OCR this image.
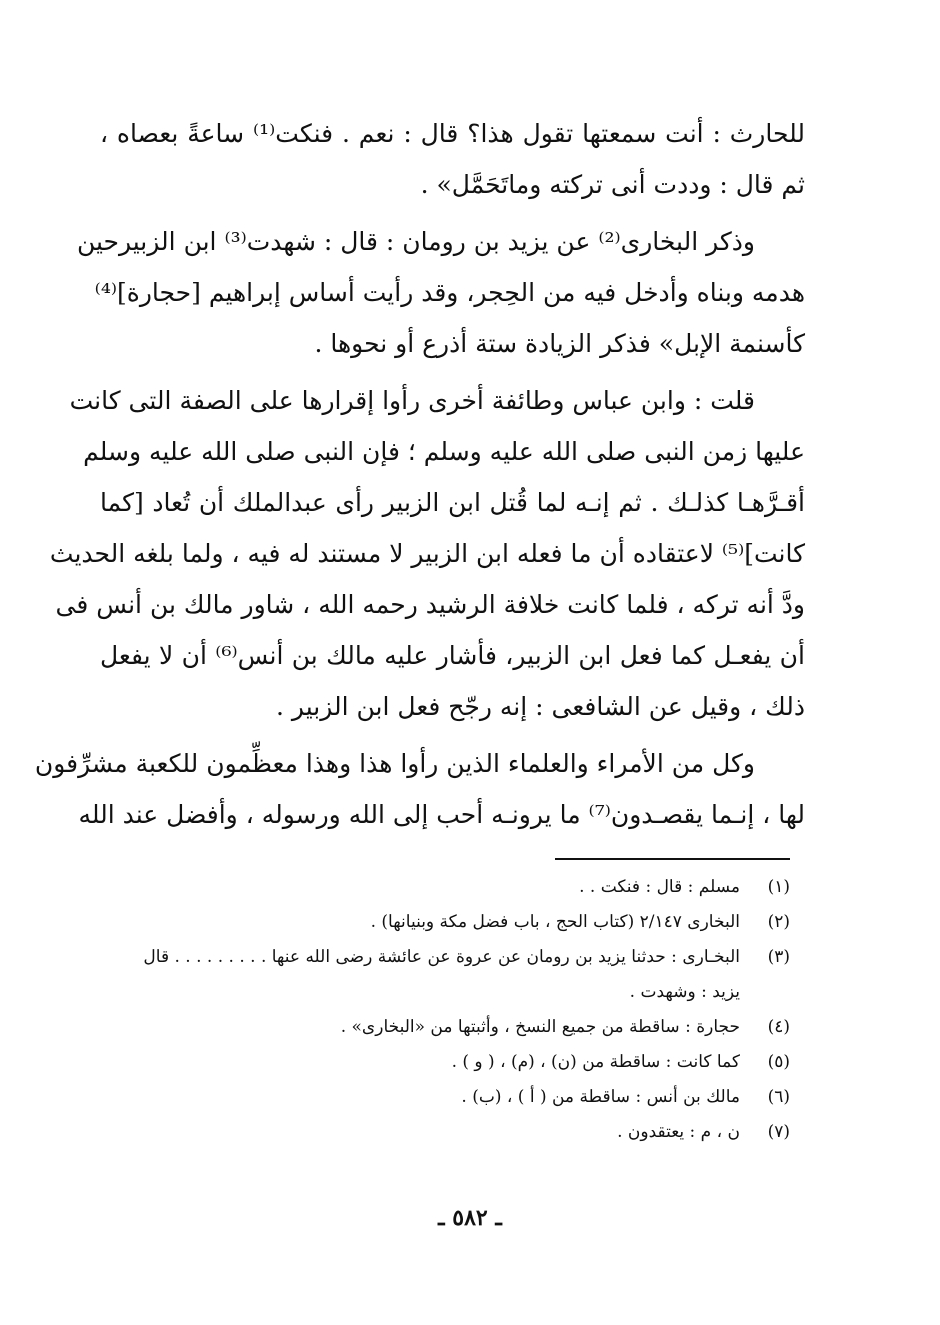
للحارث : أنت سمعتها تقول هذا؟ قال : نعم . فنكت⁽¹⁾ ساعةً بعصاه ،
ثم قال : وددت أنى تركته وماتَحَمَّل» .
وذكر البخارى⁽²⁾ عن يزيد بن رومان : قال : شهدت⁽³⁾ ابن الزبيرحين
هدمه وبناه وأدخل فيه من الحِجر، وقد رأيت أساس إبراهيم [حجارة]⁽⁴⁾
كأسنمة الإبل» فذكر الزيادة ستة أذرع أو نحوها .
قلت : وابن عباس وطائفة أخرى رأوا إقرارها على الصفة التى كانت
عليها زمن النبى صلى الله عليه وسلم ؛ فإن النبى صلى الله عليه وسلم
أقـرَّهـا كذلـك . ثم إنـه لما قُتل ابن الزبير رأى عبدالملك أن تُعاد [كما
كانت]⁽⁵⁾ لاعتقاده أن ما فعله ابن الزبير لا مستند له فيه ، ولما بلغه الحديث
ودَّ أنه تركه ، فلما كانت خلافة الرشيد رحمه الله ، شاور مالك بن أنس فى
أن يفعـل كما فعل ابن الزبير، فأشار عليه مالك بن أنس⁽⁶⁾ أن لا يفعل
ذلك ، وقيل عن الشافعى : إنه رجّح فعل ابن الزبير .
وكل من الأمراء والعلماء الذين رأوا هذا وهذا معظِّمون للكعبة مشرِّفون
لها ، إنـما يقصـدون⁽⁷⁾ ما يرونـه أحب إلى الله ورسوله ، وأفضل عند الله
(١)
مسلم : قال : فنكت . .
(٢)
البخارى ٢/١٤٧ (كتاب الحج ، باب فضل مكة وبنيانها) .
(٣)
البخـارى : حدثنا يزيد بن رومان عن عروة عن عائشة رضى الله عنها . . . . . . . . . قال
يزيد : وشهدت .
(٤)
حجارة : ساقطة من جميع النسخ ، وأثبتها من «البخارى» .
(٥)
كما كانت : ساقطة من (ن) ، (م) ، ( و ) .
(٦)
مالك بن أنس : ساقطة من ( أ ) ، (ب) .
(٧)
ن ، م : يعتقدون .
ـ ٥٨٢ ـ
